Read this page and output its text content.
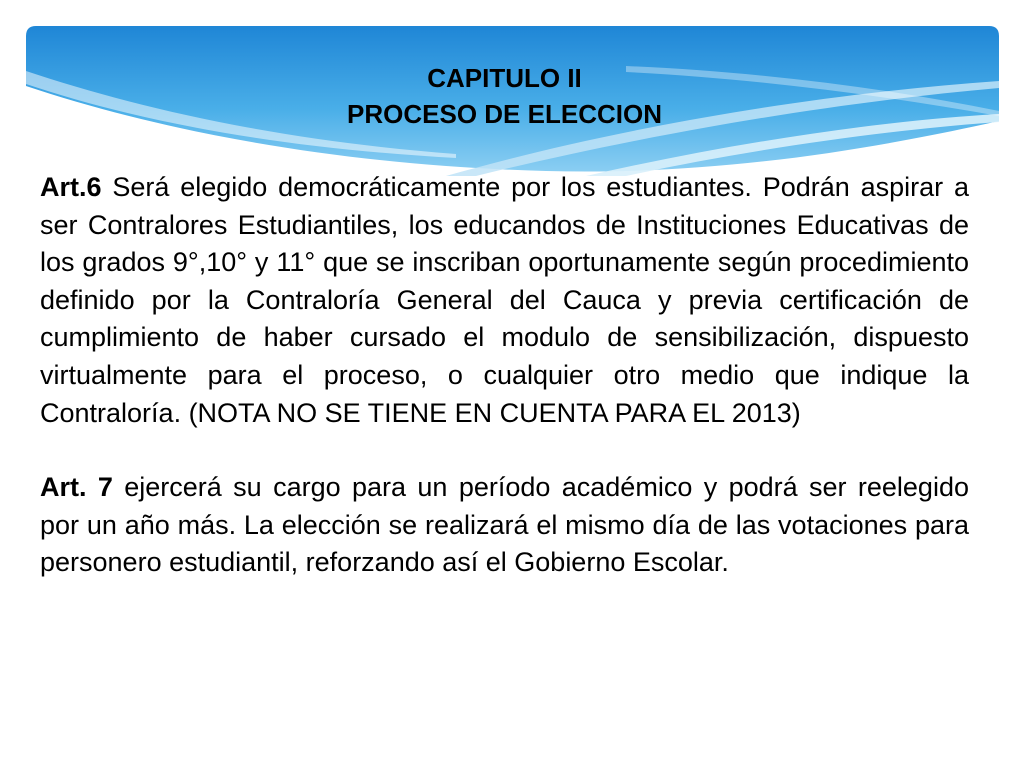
CAPITULO II

PROCESO DE ELECCION

Art.6 Será elegido democráticamente por los estudiantes. Podrán aspirar a ser Contralores Estudiantiles, los educandos de Instituciones Educativas de los grados 9°,10° y 11° que se inscriban oportunamente según procedimiento definido por la Contraloría General del Cauca y previa certificación de cumplimiento de haber cursado el modulo de sensibilización, dispuesto virtualmente para el proceso, o cualquier otro medio que indique la Contraloría. (NOTA NO SE TIENE EN CUENTA PARA EL 2013)

Art. 7 ejercerá su cargo para un período académico y podrá ser reelegido por un año más. La elección se realizará el mismo día de las votaciones para personero estudiantil, reforzando así el Gobierno Escolar.
